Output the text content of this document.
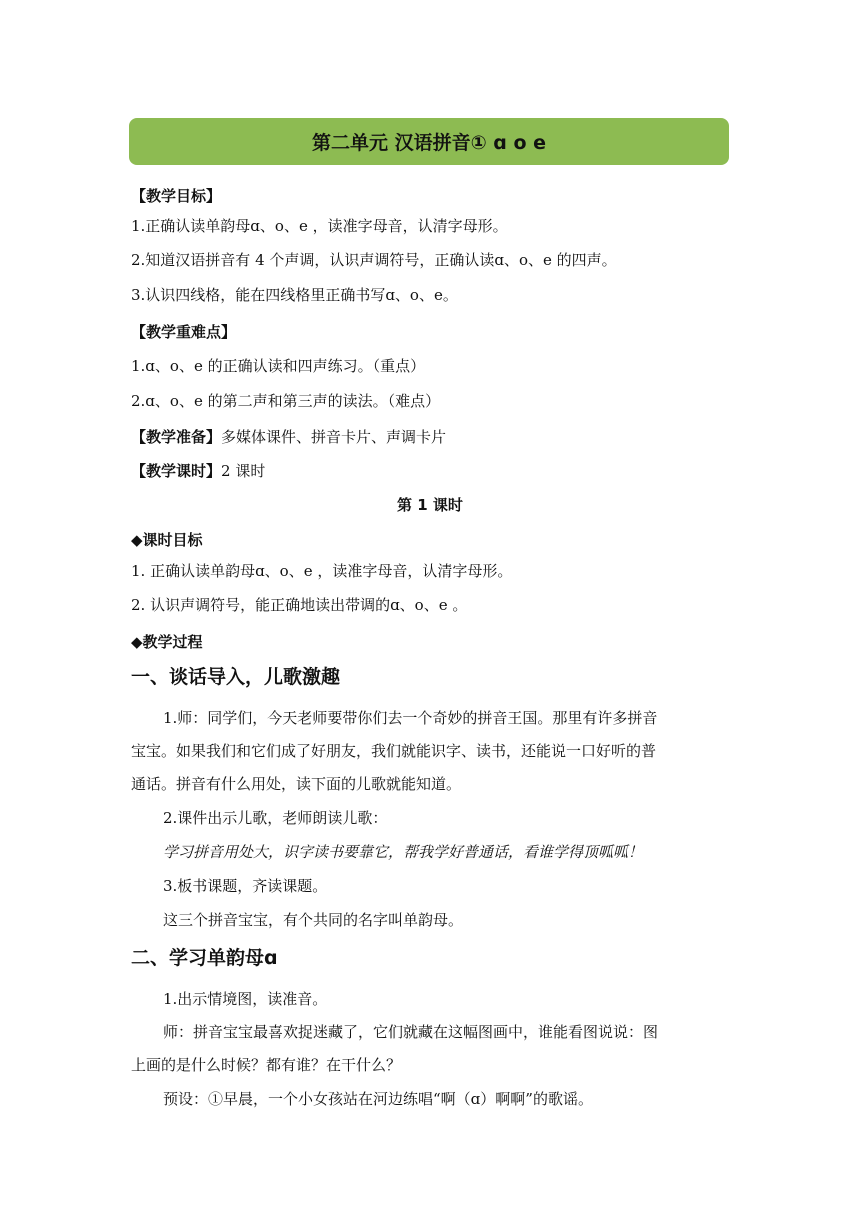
第二单元 汉语拼音① ɑ o e
【教学目标】
1.正确认读单韵母ɑ、o、e ，读准字母音，认清字母形。
2.知道汉语拼音有 4 个声调，认识声调符号，正确认读ɑ、o、e 的四声。
3.认识四线格，能在四线格里正确书写ɑ、o、e。
【教学重难点】
1.ɑ、o、e 的正确认读和四声练习。（重点）
2.ɑ、o、e 的第二声和第三声的读法。（难点）
【教学准备】多媒体课件、拼音卡片、声调卡片
【教学课时】2 课时
第 1 课时
◆课时目标
1. 正确认读单韵母ɑ、o、e ，读准字母音，认清字母形。
2. 认识声调符号，能正确地读出带调的ɑ、o、e 。
◆教学过程
一、谈话导入，儿歌激趣
1.师：同学们，今天老师要带你们去一个奇妙的拼音王国。那里有许多拼音
宝宝。如果我们和它们成了好朋友，我们就能识字、读书，还能说一口好听的普
通话。拼音有什么用处，读下面的儿歌就能知道。
2.课件出示儿歌，老师朗读儿歌：
学习拼音用处大，识字读书要靠它，帮我学好普通话，看谁学得顶呱呱！
3.板书课题，齐读课题。
这三个拼音宝宝，有个共同的名字叫单韵母。
二、学习单韵母ɑ
1.出示情境图，读准音。
师：拼音宝宝最喜欢捉迷藏了，它们就藏在这幅图画中，谁能看图说说：图
上画的是什么时候？都有谁？在干什么？
预设：①早晨，一个小女孩站在河边练唱“啊（ɑ）啊啊”的歌谣。
